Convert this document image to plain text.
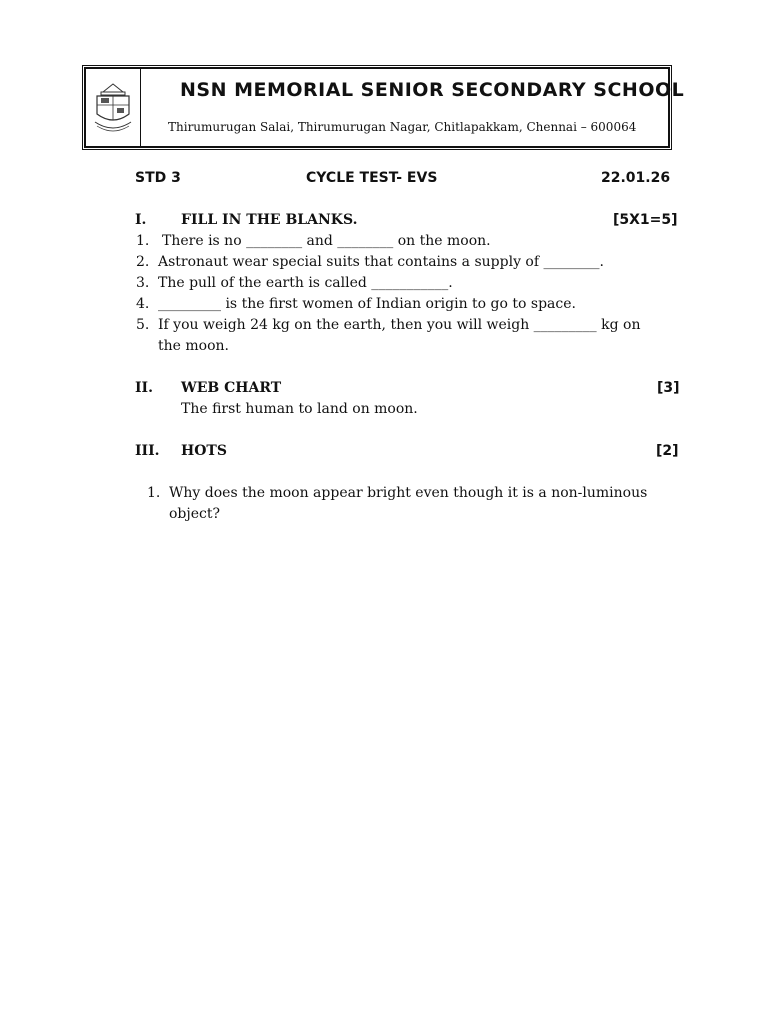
NSN MEMORIAL SENIOR SECONDARY SCHOOL
Thirumurugan Salai, Thirumurugan Nagar, Chitlapakkam, Chennai – 600064
STD 3	CYCLE TEST- EVS	22.01.26
I. FILL IN THE BLANKS.	[5X1=5]
1. There is no ________ and ________ on the moon.
2. Astronaut wear special suits that contains a supply of ________.
3. The pull of the earth is called ___________.
4. _________ is the first women of Indian origin to go to space.
5. If you weigh 24 kg on the earth, then you will weigh _________ kg on
the moon.
II. WEB CHART	[3]
The first human to land on moon.
III. HOTS	[2]
1. Why does the moon appear bright even though it is a non-luminous
object?
